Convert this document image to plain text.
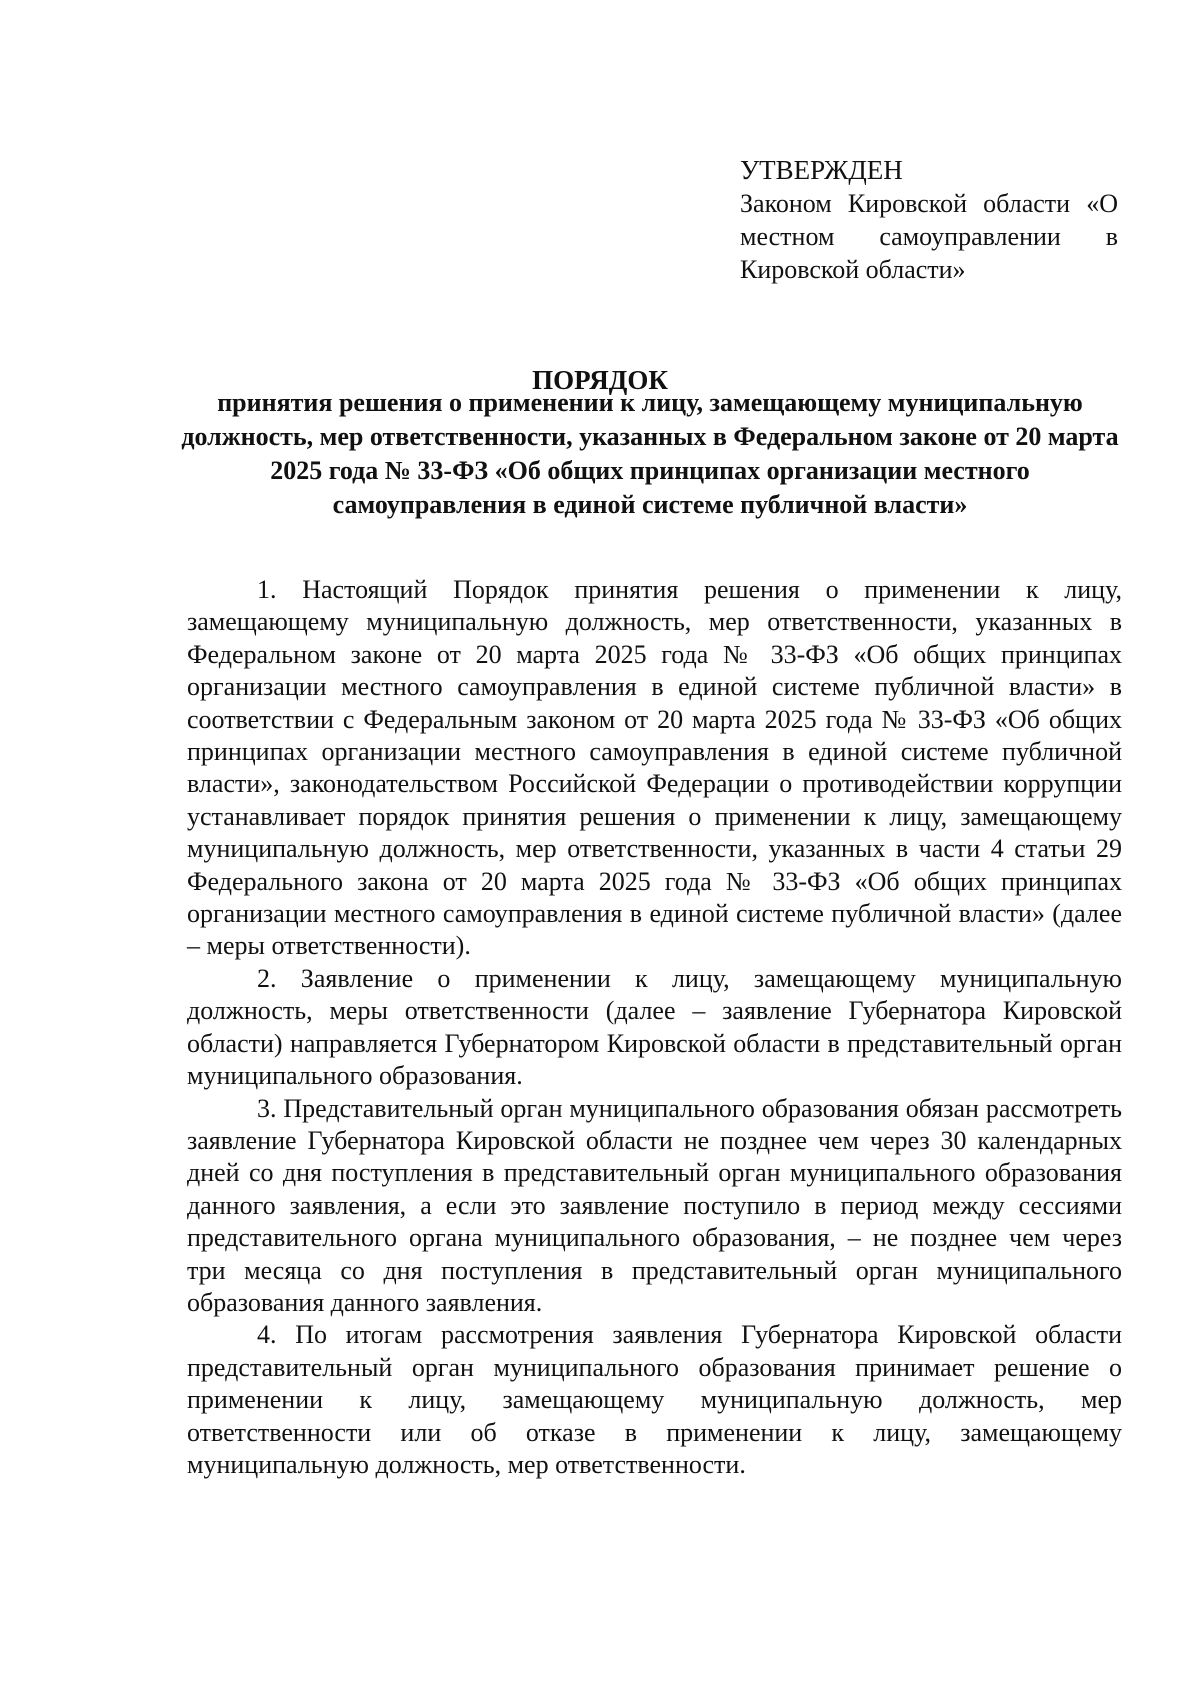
УТВЕРЖДЕН
Законом Кировской области «О местном самоуправлении в Кировской области»
ПОРЯДОК
принятия решения о применении к лицу, замещающему муниципальную должность, мер ответственности, указанных в Федеральном законе от 20 марта 2025 года № 33-ФЗ «Об общих принципах организации местного самоуправления в единой системе публичной власти»

1. Настоящий Порядок принятия решения о применении к лицу, замещающему муниципальную должность, мер ответственности, указанных в Федеральном законе от 20 марта 2025 года № 33-ФЗ «Об общих принципах организации местного самоуправления в единой системе публичной власти» в соответствии с Федеральным законом от 20 марта 2025 года № 33-ФЗ «Об общих принципах организации местного самоуправления в единой системе публичной власти», законодательством Российской Федерации о противодействии коррупции устанавливает порядок принятия решения о применении к лицу, замещающему муниципальную должность, мер ответственности, указанных в части 4 статьи 29 Федерального закона от 20 марта 2025 года № 33-ФЗ «Об общих принципах организации местного самоуправления в единой системе публичной власти» (далее – меры ответственности).

2. Заявление о применении к лицу, замещающему муниципальную должность, меры ответственности (далее – заявление Губернатора Кировской области) направляется Губернатором Кировской области в представительный орган муниципального образования.

3. Представительный орган муниципального образования обязан рассмотреть заявление Губернатора Кировской области не позднее чем через 30 календарных дней со дня поступления в представительный орган муниципального образования данного заявления, а если это заявление поступило в период между сессиями представительного органа муниципального образования, – не позднее чем через три месяца со дня поступления в представительный орган муниципального образования данного заявления.

4. По итогам рассмотрения заявления Губернатора Кировской области представительный орган муниципального образования принимает решение о применении к лицу, замещающему муниципальную должность, мер ответственности или об отказе в применении к лицу, замещающему муниципальную должность, мер ответственности.
